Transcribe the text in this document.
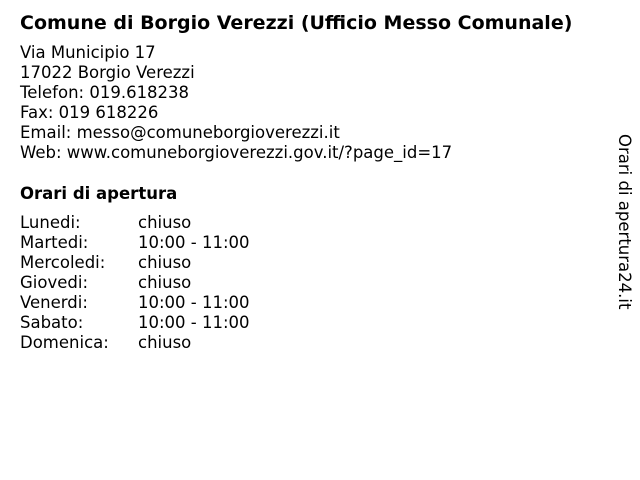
Comune di Borgio Verezzi (Ufficio Messo Comunale)
Via Municipio 17
17022 Borgio Verezzi
Telefon: 019.618238
Fax: 019 618226
Email: messo@comuneborgioverezzi.it
Web: www.comuneborgioverezzi.gov.it/?page_id=17
Orari di apertura
Lunedi:	chiuso
Martedi:	10:00 - 11:00
Mercoledi:	chiuso
Giovedi:	chiuso
Venerdi:	10:00 - 11:00
Sabato:	10:00 - 11:00
Domenica:	chiuso
Orari di apertura24.it
